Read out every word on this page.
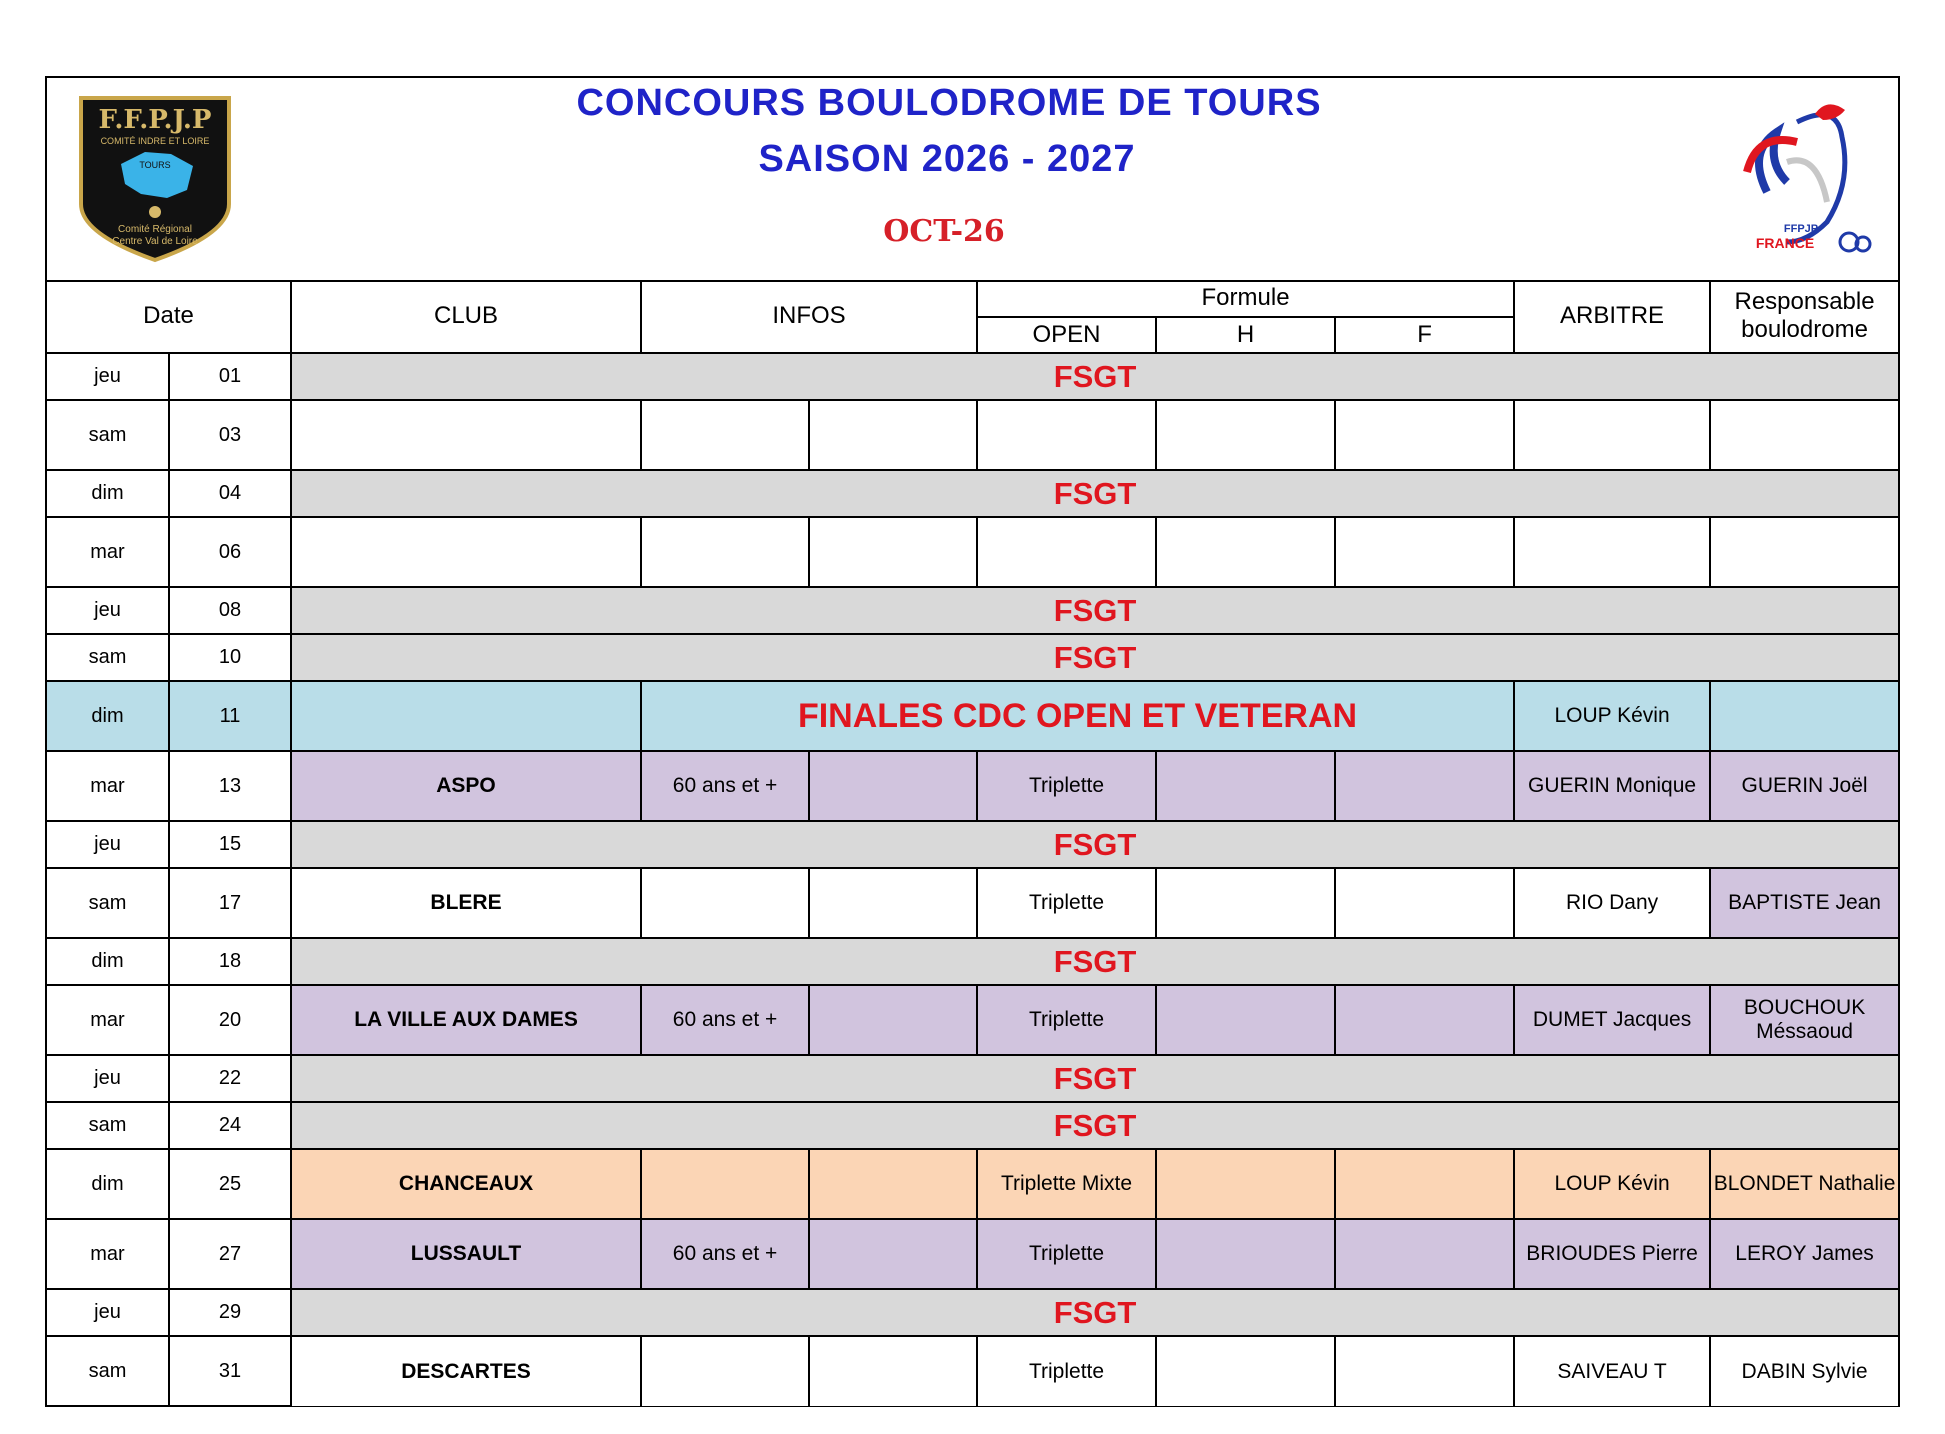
F.F.P.J.P
TOURS
COMITÉ INDRE ET LOIRE
Comité Régional
Centre Val de Loire
CONCOURS BOULODROME DE TOURS
SAISON 2026 - 2027
OCT-26	FFPJP
FRANCE
Date		CLUB	INFOS		Formule			ARBITRE	Responsable boulodrome
					OPEN	H	F		
jeu	01	FSGT							
sam	03								
dim	04	FSGT							
mar	06								
jeu	08	FSGT							
sam	10	FSGT							
dim	11		FINALES CDC OPEN ET VETERAN					LOUP Kévin	
mar	13	ASPO	60 ans et +		Triplette			GUERIN Monique	GUERIN Joël
jeu	15	FSGT							
sam	17	BLERE			Triplette			RIO Dany	BAPTISTE Jean
dim	18	FSGT							
mar	20	LA VILLE AUX DAMES	60 ans et +		Triplette			DUMET Jacques	BOUCHOUK Méssaoud
jeu	22	FSGT							
sam	24	FSGT							
dim	25	CHANCEAUX			Triplette Mixte			LOUP Kévin	BLONDET Nathalie
mar	27	LUSSAULT	60 ans et +		Triplette			BRIOUDES Pierre	LEROY James
jeu	29	FSGT							
sam	31	DESCARTES			Triplette			SAIVEAU T	DABIN Sylvie
